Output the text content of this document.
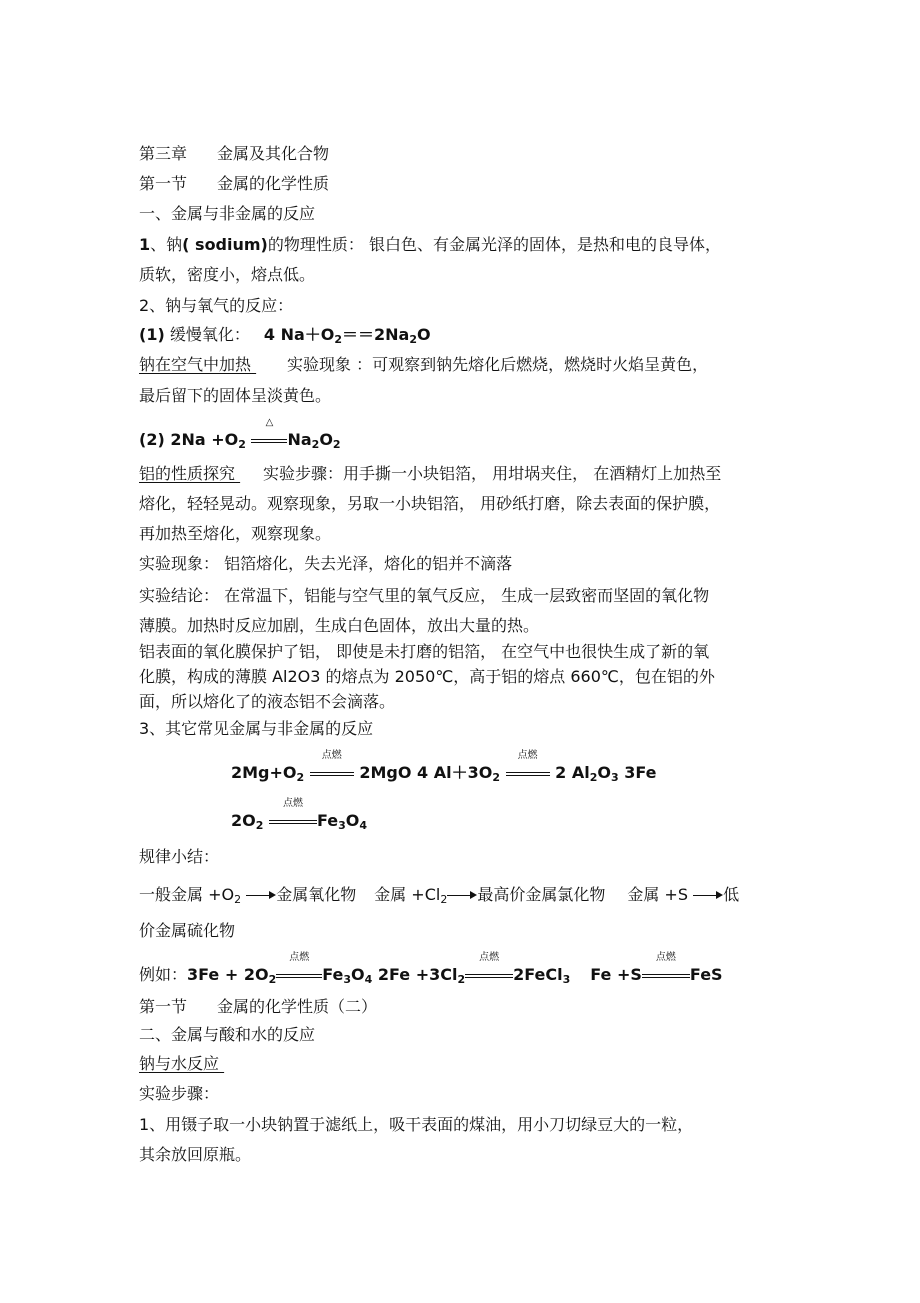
第三章 金属及其化合物
第一节 金属的化学性质
一、金属与非金属的反应
1、钠( sodium)的物理性质： 银白色、有金属光泽的固体，是热和电的良导体，
质软，密度小，熔点低。
2、钠与氧气的反应：
(1) 缓慢氧化： 4 $Na+O_2==2Na_2O$
钠在空气中加热 实验现象 ：可观察到钠先熔化后燃烧，燃烧时火焰呈黄色，
最后留下的固体呈淡黄色。
(2) $2Na +O_2$
△
$Na_2O_2$
铝的性质探究 实验步骤：用手撕一小块铝箔， 用坩埚夹住， 在酒精灯上加热至
熔化，轻轻晃动。观察现象，另取一小块铝箔， 用砂纸打磨，除去表面的保护膜，
再加热至熔化，观察现象。
实验现象： 铝箔熔化，失去光泽，熔化的铝并不滴落
实验结论： 在常温下，铝能与空气里的氧气反应， 生成一层致密而坚固的氧化物
薄膜。加热时反应加剧，生成白色固体，放出大量的热。
铝表面的氧化膜保护了铝， 即使是未打磨的铝箔， 在空气中也很快生成了新的氧
化膜，构成的薄膜 Al2O3 的熔点为 2050℃，高于铝的熔点 660℃，包在铝的外
面，所以熔化了的液态铝不会滴落。
3、其它常见金属与非金属的反应
$2Mg+O_2$
点燃
2MgO 4 $Al+3O_2$
点燃
2 $Al_2O_3$ 3Fe
$2O_2$
点燃
$Fe_3O_4$
规律小结：
一般金属 $+O_2$ 金属氧化物 金属 $+Cl_2$ 最高价金属氯化物 金属 +S 低
价金属硫化物
例如：$3Fe + 2O_2$
点燃
$Fe_3O_4$ $2Fe +3Cl_2$
点燃
2FeCl$_3$ Fe +S
点燃
FeS
第一节 金属的化学性质（二）
二、金属与酸和水的反应
钠与水反应
实验步骤：
1、用镊子取一小块钠置于滤纸上，吸干表面的煤油，用小刀切绿豆大的一粒，
其余放回原瓶。
